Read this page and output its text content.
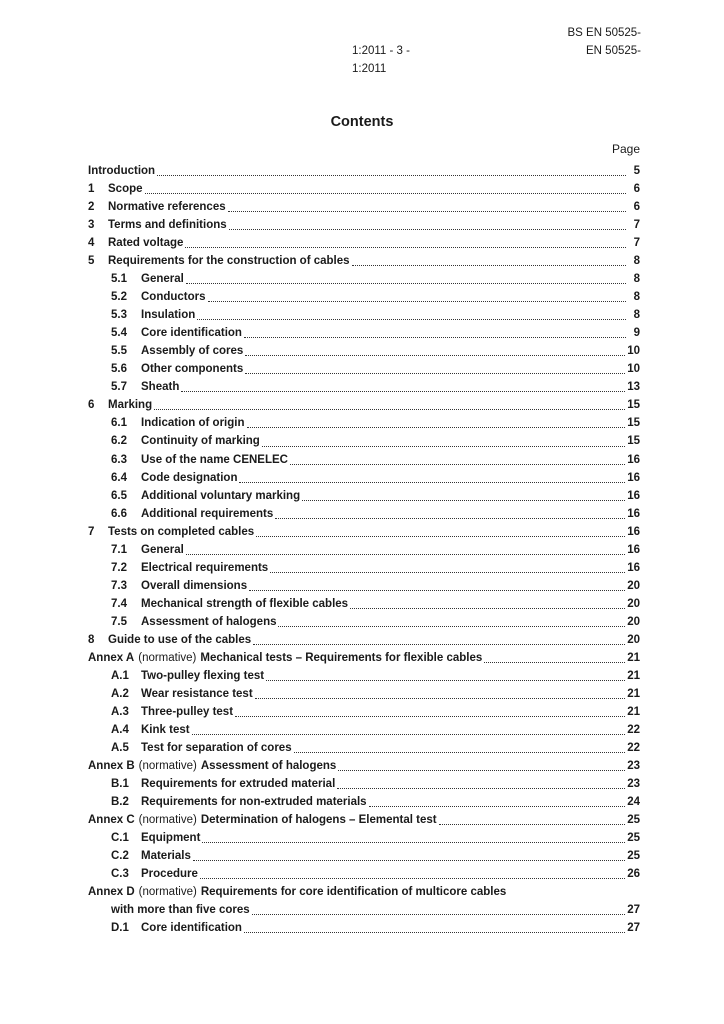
BS EN 50525-
1:2011 - 3 -	EN 50525-
1:2011
Contents
Page
Introduction	5
1	Scope	6
2	Normative references	6
3	Terms and definitions	7
4	Rated voltage	7
5	Requirements for the construction of cables	8
5.1	General	8
5.2	Conductors	8
5.3	Insulation	8
5.4	Core identification	9
5.5	Assembly of cores	10
5.6	Other components	10
5.7	Sheath	13
6	Marking	15
6.1	Indication of origin	15
6.2	Continuity of marking	15
6.3	Use of the name CENELEC	16
6.4	Code designation	16
6.5	Additional voluntary marking	16
6.6	Additional requirements	16
7	Tests on completed cables	16
7.1	General	16
7.2	Electrical requirements	16
7.3	Overall dimensions	20
7.4	Mechanical strength of flexible cables	20
7.5	Assessment of halogens	20
8	Guide to use of the cables	20
Annex A (normative) Mechanical tests – Requirements for flexible cables	21
A.1	Two-pulley flexing test	21
A.2	Wear resistance test	21
A.3	Three-pulley test	21
A.4	Kink test	22
A.5	Test for separation of cores	22
Annex B (normative) Assessment of halogens	23
B.1	Requirements for extruded material	23
B.2	Requirements for non-extruded materials	24
Annex C (normative) Determination of halogens – Elemental test	25
C.1	Equipment	25
C.2	Materials	25
C.3	Procedure	26
Annex D (normative) Requirements for core identification of multicore cables
with more than five cores	27
D.1	Core identification	27
